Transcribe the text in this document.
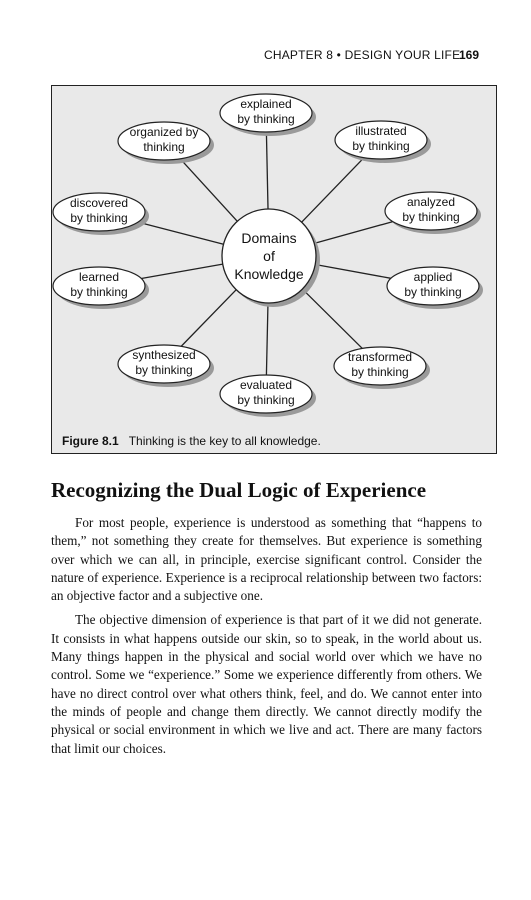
CHAPTER 8 • DESIGN YOUR LIFE
169
explained
by thinking
illustrated
by thinking
analyzed
by thinking
applied
by thinking
transformed
by thinking
evaluated
by thinking
synthesized
by thinking
learned
by thinking
discovered
by thinking
organized by
thinking
Domains
of
Knowledge
Figure 8.1 Thinking is the key to all knowledge.
Recognizing the Dual Logic of Experience

For most people, experience is understood as something that “happens to them,” not something they create for themselves. But experience is something over which we can all, in principle, exercise significant control. Consider the nature of experience. Experience is a reciprocal relationship between two factors: an objective factor and a subjective one.

The objective dimension of experience is that part of it we did not generate. It consists in what happens outside our skin, so to speak, in the world about us. Many things happen in the physical and social world over which we have no control. Some we “experience.” Some we experience differently from others. We have no direct control over what others think, feel, and do. We cannot enter into the minds of people and change them directly. We cannot directly modify the physical or social environment in which we live and act. There are many factors that limit our choices.
